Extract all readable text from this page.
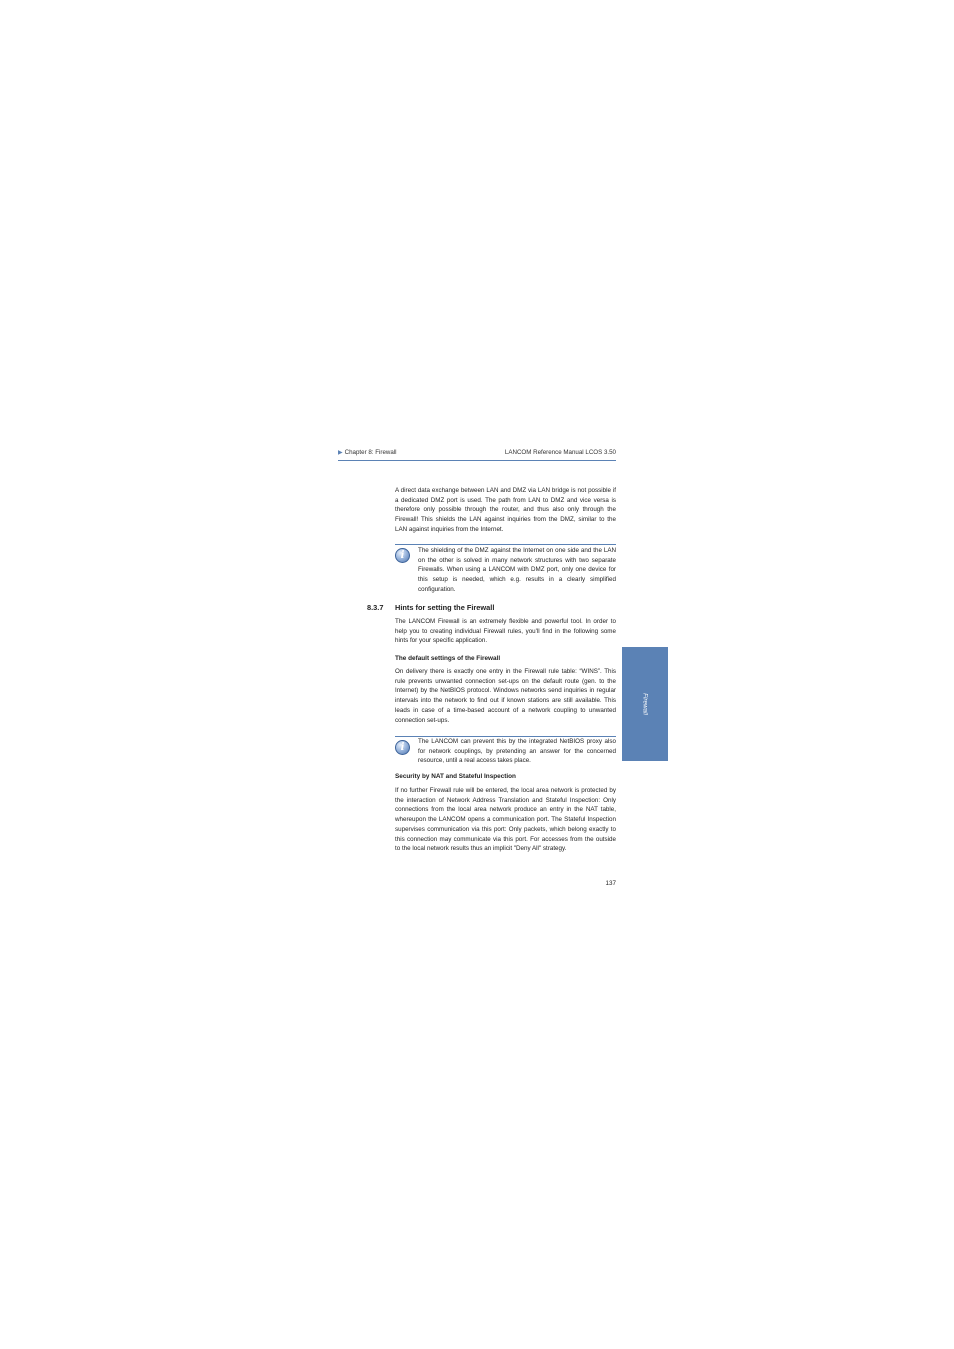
▶ Chapter 8: Firewall	LANCOM Reference Manual LCOS 3.50
A direct data exchange between LAN and DMZ via LAN bridge is not possible if a dedicated DMZ port is used. The path from LAN to DMZ and vice versa is therefore only possible through the router, and thus also only through the Firewall! This shields the LAN against inquiries from the DMZ, similar to the LAN against inquiries from the Internet.
i	The shielding of the DMZ against the Internet on one side and the LAN on the other is solved in many network structures with two separate Firewalls. When using a LANCOM with DMZ port, only one device for this setup is needed, which e.g. results in a clearly simplified configuration.
8.3.7 Hints for setting the Firewall
The LANCOM Firewall is an extremely flexible and powerful tool. In order to help you to creating individual Firewall rules, you'll find in the following some hints for your specific application.
The default settings of the Firewall
On delivery there is exactly one entry in the Firewall rule table: “WINS”. This rule prevents unwanted connection set-ups on the default route (gen. to the Internet) by the NetBIOS protocol. Windows networks send inquiries in regular intervals into the network to find out if known stations are still available. This leads in case of a time-based account of a network coupling to unwanted connection set-ups.
i
The LANCOM can prevent this by the integrated NetBIOS proxy also for network couplings, by pretending an answer for the concerned resource, until a real access takes place.
Security by NAT and Stateful Inspection
If no further Firewall rule will be entered, the local area network is protected by the interaction of Network Address Translation and Stateful Inspection: Only connections from the local area network produce an entry in the NAT table, whereupon the LANCOM opens a communication port. The Stateful Inspection supervises communication via this port: Only packets, which belong exactly to this connection may communicate via this port. For accesses from the outside to the local network results thus an implicit "Deny All" strategy.
Firewall
137
